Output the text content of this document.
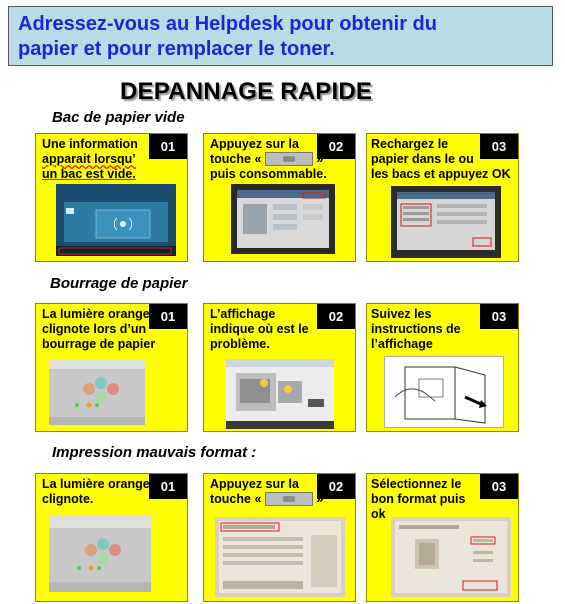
Adressez-vous au Helpdesk pour obtenir du
papier et pour remplacer le toner.
DEPANNAGE RAPIDE
Bac de papier vide
01
Une information
apparait lorsqu’
un bac est vide.
02
Appuyez sur la
touche «	»
puis consommable.
03
Rechargez le
papier dans le ou
les bacs et appuyez OK
Bourrage de papier
01
La lumière orange
clignote lors d’un
bourrage de papier
02
L’affichage
indique où est le
problème.
03
Suivez les
instructions de
l’affichage
Impression mauvais format :
01
La lumière orange
clignote.
02
Appuyez sur la
touche «	»
03
Sélectionnez le
bon format puis
ok
